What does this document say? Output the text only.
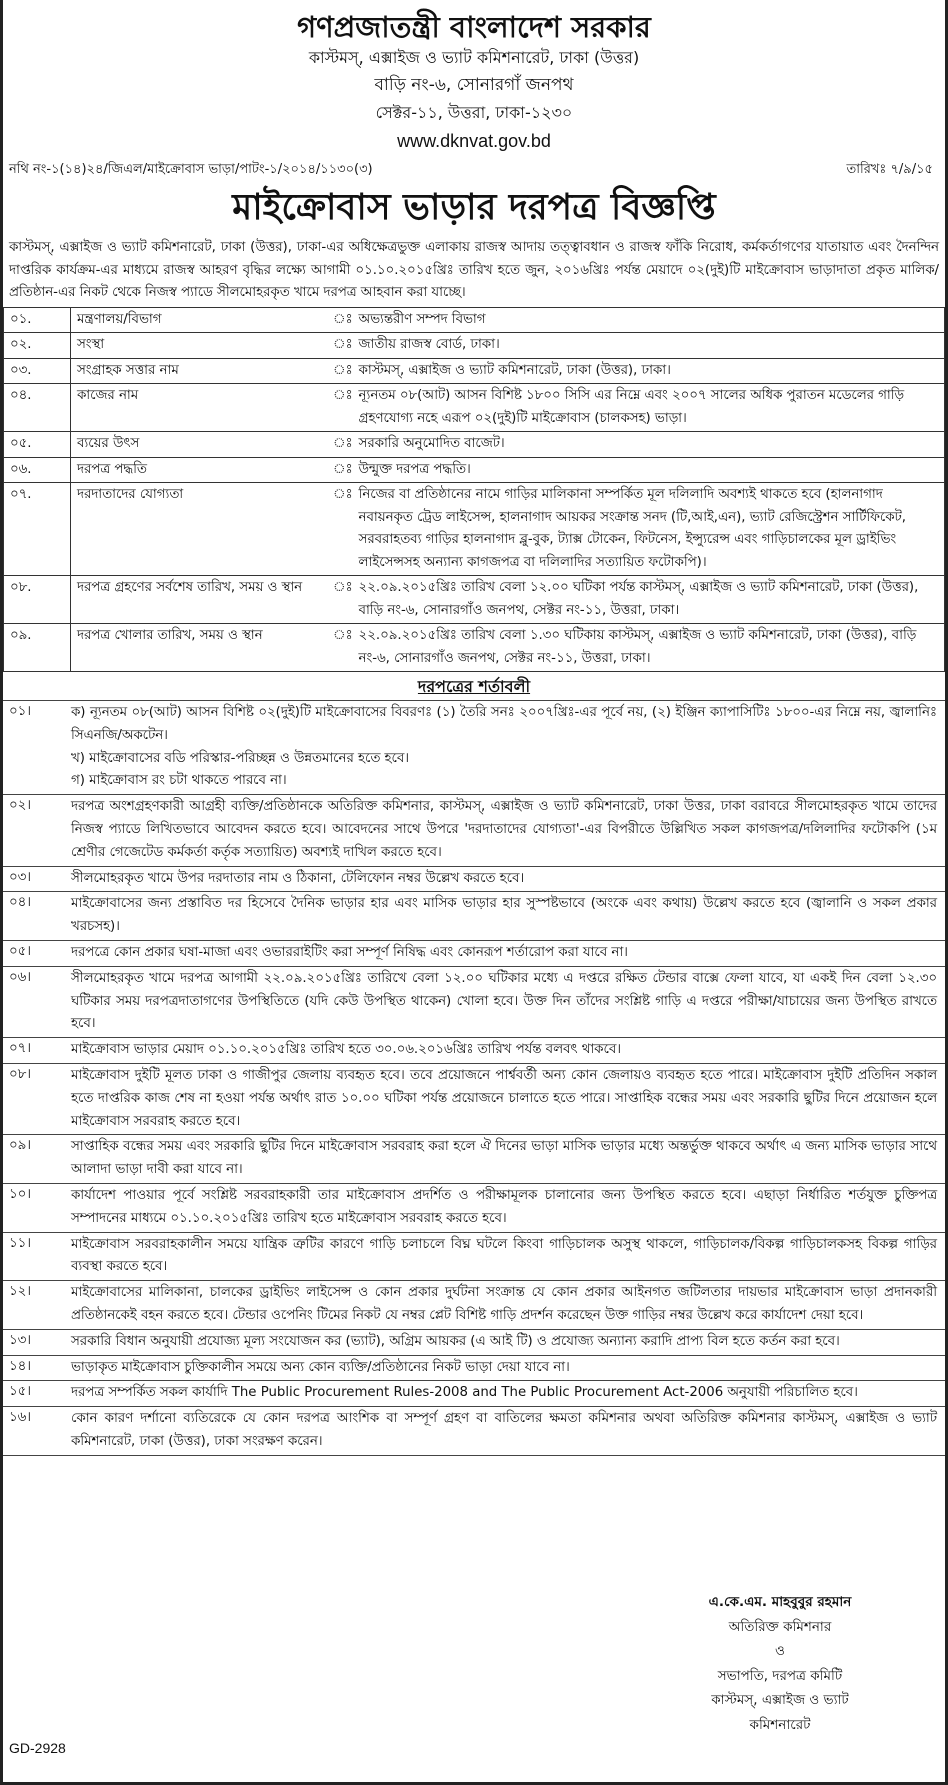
গণপ্রজাতন্ত্রী বাংলাদেশ সরকার
কাস্টমস্, এক্সাইজ ও ভ্যাট কমিশনারেট, ঢাকা (উত্তর)
বাড়ি নং-৬, সোনারগাঁ জনপথ
সেক্টর-১১, উত্তরা, ঢাকা-১২৩০
www.dknvat.gov.bd
নথি নং-১(১৪)২৪/জিএল/মাইক্রোবাস ভাড়া/পাটং-১/২০১৪/১১৩০(৩)	তারিখঃ ৭/৯/১৫
মাইক্রোবাস ভাড়ার দরপত্র বিজ্ঞপ্তি
কাস্টমস্, এক্সাইজ ও ভ্যাট কমিশনারেট, ঢাকা (উত্তর), ঢাকা-এর অধিক্ষেত্রভুক্ত এলাকায় রাজস্ব আদায় তত্ত্বাবধান ও রাজস্ব ফাঁকি নিরোধ, কর্মকর্তাগণের যাতায়াত এবং দৈনন্দিন দাপ্তরিক কার্যক্রম-এর মাধ্যমে রাজস্ব আহরণ বৃদ্ধির লক্ষ্যে আগামী ০১.১০.২০১৫খ্রিঃ তারিখ হতে জুন, ২০১৬খ্রিঃ পর্যন্ত মেয়াদে ০২(দুই)টি মাইক্রোবাস ভাড়াদাতা প্রকৃত মালিক/প্রতিষ্ঠান-এর নিকট থেকে নিজস্ব প্যাডে সীলমোহরকৃত খামে দরপত্র আহবান করা যাচ্ছে।
০১.	মন্ত্রণালয়/বিভাগ	ঃ	অভ্যন্তরীণ সম্পদ বিভাগ
০২.	সংস্থা	ঃ	জাতীয় রাজস্ব বোর্ড, ঢাকা।
০৩.	সংগ্রাহক সত্তার নাম	ঃ	কাস্টমস্, এক্সাইজ ও ভ্যাট কমিশনারেট, ঢাকা (উত্তর), ঢাকা।
০৪.	কাজের নাম	ঃ	ন্যূনতম ০৮(আট) আসন বিশিষ্ট ১৮০০ সিসি এর নিম্নে এবং ২০০৭ সালের অধিক পুরাতন মডেলের গাড়ি গ্রহণযোগ্য নহে এরূপ ০২(দুই)টি মাইক্রোবাস (চালকসহ) ভাড়া।
০৫.	ব্যয়ের উৎস	ঃ	সরকারি অনুমোদিত বাজেট।
০৬.	দরপত্র পদ্ধতি	ঃ	উন্মুক্ত দরপত্র পদ্ধতি।
০৭.	দরদাতাদের যোগ্যতা	ঃ	নিজের বা প্রতিষ্ঠানের নামে গাড়ির মালিকানা সম্পর্কিত মূল দলিলাদি অবশ্যই থাকতে হবে (হালনাগাদ নবায়নকৃত ট্রেড লাইসেন্স, হালনাগাদ আয়কর সংক্রান্ত সনদ (টি,আই,এন), ভ্যাট রেজিস্ট্রেশন সার্টিফিকেট, সরবরাহতব্য গাড়ির হালনাগাদ ব্লু-বুক, ট্যাক্স টোকেন, ফিটনেস, ইন্স্যুরেন্স এবং গাড়িচালকের মূল ড্রাইভিং লাইসেন্সসহ অন্যান্য কাগজপত্র বা দলিলাদির সত্যায়িত ফটোকপি)।
০৮.	দরপত্র গ্রহণের সর্বশেষ তারিখ, সময় ও স্থান	ঃ	২২.০৯.২০১৫খ্রিঃ তারিখ বেলা ১২.০০ ঘটিকা পর্যন্ত কাস্টমস্, এক্সাইজ ও ভ্যাট কমিশনারেট, ঢাকা (উত্তর), বাড়ি নং-৬, সোনারগাঁও জনপথ, সেক্টর নং-১১, উত্তরা, ঢাকা।
০৯.	দরপত্র খোলার তারিখ, সময় ও স্থান	ঃ	২২.০৯.২০১৫খ্রিঃ তারিখ বেলা ১.৩০ ঘটিকায় কাস্টমস্, এক্সাইজ ও ভ্যাট কমিশনারেট, ঢাকা (উত্তর), বাড়ি নং-৬, সোনারগাঁও জনপথ, সেক্টর নং-১১, উত্তরা, ঢাকা।
দরপত্রের শর্তাবলী
০১।	ক) ন্যূনতম ০৮(আট) আসন বিশিষ্ট ০২(দুই)টি মাইক্রোবাসের বিবরণঃ (১) তৈরি সনঃ ২০০৭খ্রিঃ-এর পূর্বে নয়, (২) ইঞ্জিন ক্যাপাসিটিঃ ১৮০০-এর নিম্নে নয়, জ্বালানিঃ সিএনজি/অকটেন।
খ) মাইক্রোবাসের বডি পরিস্কার-পরিচ্ছন্ন ও উন্নতমানের হতে হবে।
গ) মাইক্রোবাস রং চটা থাকতে পারবে না।
০২।	দরপত্র অংশগ্রহণকারী আগ্রহী ব্যক্তি/প্রতিষ্ঠানকে অতিরিক্ত কমিশনার, কাস্টমস্, এক্সাইজ ও ভ্যাট কমিশনারেট, ঢাকা উত্তর, ঢাকা বরাবরে সীলমোহরকৃত খামে তাদের নিজস্ব প্যাডে লিখিতভাবে আবেদন করতে হবে। আবেদনের সাথে উপরে 'দরদাতাদের যোগ্যতা'-এর বিপরীতে উল্লিখিত সকল কাগজপত্র/দলিলাদির ফটোকপি (১ম শ্রেণীর গেজেটেড কর্মকর্তা কর্তৃক সত্যায়িত) অবশ্যই দাখিল করতে হবে।
০৩।	সীলমোহরকৃত খামে উপর দরদাতার নাম ও ঠিকানা, টেলিফোন নম্বর উল্লেখ করতে হবে।
০৪।	মাইক্রোবাসের জন্য প্রস্তাবিত দর হিসেবে দৈনিক ভাড়ার হার এবং মাসিক ভাড়ার হার সুস্পষ্টভাবে (অংকে এবং কথায়) উল্লেখ করতে হবে (জ্বালানি ও সকল প্রকার খরচসহ)।
০৫।	দরপত্রে কোন প্রকার ঘষা-মাজা এবং ওভাররাইটিং করা সম্পূর্ণ নিষিদ্ধ এবং কোনরূপ শর্তারোপ করা যাবে না।
০৬।	সীলমোহরকৃত খামে দরপত্র আগামী ২২.০৯.২০১৫খ্রিঃ তারিখে বেলা ১২.০০ ঘটিকার মধ্যে এ দপ্তরে রক্ষিত টেন্ডার বাক্সে ফেলা যাবে, যা একই দিন বেলা ১২.৩০ ঘটিকার সময় দরপত্রদাতাগণের উপস্থিতিতে (যদি কেউ উপস্থিত থাকেন) খোলা হবে। উক্ত দিন তাঁদের সংশ্লিষ্ট গাড়ি এ দপ্তরে পরীক্ষা/যাচায়ের জন্য উপস্থিত রাখতে হবে।
০৭।	মাইক্রোবাস ভাড়ার মেয়াদ ০১.১০.২০১৫খ্রিঃ তারিখ হতে ৩০.০৬.২০১৬খ্রিঃ তারিখ পর্যন্ত বলবৎ থাকবে।
০৮।	মাইক্রোবাস দুইটি মূলত ঢাকা ও গাজীপুর জেলায় ব্যবহৃত হবে। তবে প্রয়োজনে পার্শ্ববর্তী অন্য কোন জেলায়ও ব্যবহৃত হতে পারে। মাইক্রোবাস দুইটি প্রতিদিন সকাল হতে দাপ্তরিক কাজ শেষ না হওয়া পর্যন্ত অর্থাৎ রাত ১০.০০ ঘটিকা পর্যন্ত প্রয়োজনে চালাতে হতে পারে। সাপ্তাহিক বন্ধের সময় এবং সরকারি ছুটির দিনে প্রয়োজন হলে মাইক্রোবাস সরবরাহ করতে হবে।
০৯।	সাপ্তাহিক বন্ধের সময় এবং সরকারি ছুটির দিনে মাইক্রোবাস সরবরাহ করা হলে ঐ দিনের ভাড়া মাসিক ভাড়ার মধ্যে অন্তর্ভুক্ত থাকবে অর্থাৎ এ জন্য মাসিক ভাড়ার সাথে আলাদা ভাড়া দাবী করা যাবে না।
১০।	কার্যাদেশ পাওয়ার পূর্বে সংশ্লিষ্ট সরবরাহকারী তার মাইক্রোবাস প্রদর্শিত ও পরীক্ষামূলক চালানোর জন্য উপস্থিত করতে হবে। এছাড়া নির্ধারিত শর্তযুক্ত চুক্তিপত্র সম্পাদনের মাধ্যমে ০১.১০.২০১৫খ্রিঃ তারিখ হতে মাইক্রোবাস সরবরাহ করতে হবে।
১১।	মাইক্রোবাস সরবরাহকালীন সময়ে যান্ত্রিক ত্রুটির কারণে গাড়ি চলাচলে বিঘ্ন ঘটলে কিংবা গাড়িচালক অসুস্থ থাকলে, গাড়িচালক/বিকল্প গাড়িচালকসহ বিকল্প গাড়ির ব্যবস্থা করতে হবে।
১২।	মাইক্রোবাসের মালিকানা, চালকের ড্রাইভিং লাইসেন্স ও কোন প্রকার দুর্ঘটনা সংক্রান্ত যে কোন প্রকার আইনগত জটিলতার দায়ভার মাইক্রোবাস ভাড়া প্রদানকারী প্রতিষ্ঠানকেই বহন করতে হবে। টেন্ডার ওপেনিং টিমের নিকট যে নম্বর প্লেট বিশিষ্ট গাড়ি প্রদর্শন করেছেন উক্ত গাড়ির নম্বর উল্লেখ করে কার্যাদেশ দেয়া হবে।
১৩।	সরকারি বিধান অনুযায়ী প্রযোজ্য মূল্য সংযোজন কর (ভ্যাট), অগ্রিম আয়কর (এ আই টি) ও প্রযোজ্য অন্যান্য করাদি প্রাপ্য বিল হতে কর্তন করা হবে।
১৪।	ভাড়াকৃত মাইক্রোবাস চুক্তিকালীন সময়ে অন্য কোন ব্যক্তি/প্রতিষ্ঠানের নিকট ভাড়া দেয়া যাবে না।
১৫।	দরপত্র সম্পর্কিত সকল কার্যাদি The Public Procurement Rules-2008 and The Public Procurement Act-2006 অনুযায়ী পরিচালিত হবে।
১৬।	কোন কারণ দর্শানো ব্যতিরেকে যে কোন দরপত্র আংশিক বা সম্পূর্ণ গ্রহণ বা বাতিলের ক্ষমতা কমিশনার অথবা অতিরিক্ত কমিশনার কাস্টমস্, এক্সাইজ ও ভ্যাট কমিশনারেট, ঢাকা (উত্তর), ঢাকা সংরক্ষণ করেন।
এ.কে.এম. মাহবুবুর রহমান
অতিরিক্ত কমিশনার
ও
সভাপতি, দরপত্র কমিটি
কাস্টমস্, এক্সাইজ ও ভ্যাট
কমিশনারেট
GD-2928
